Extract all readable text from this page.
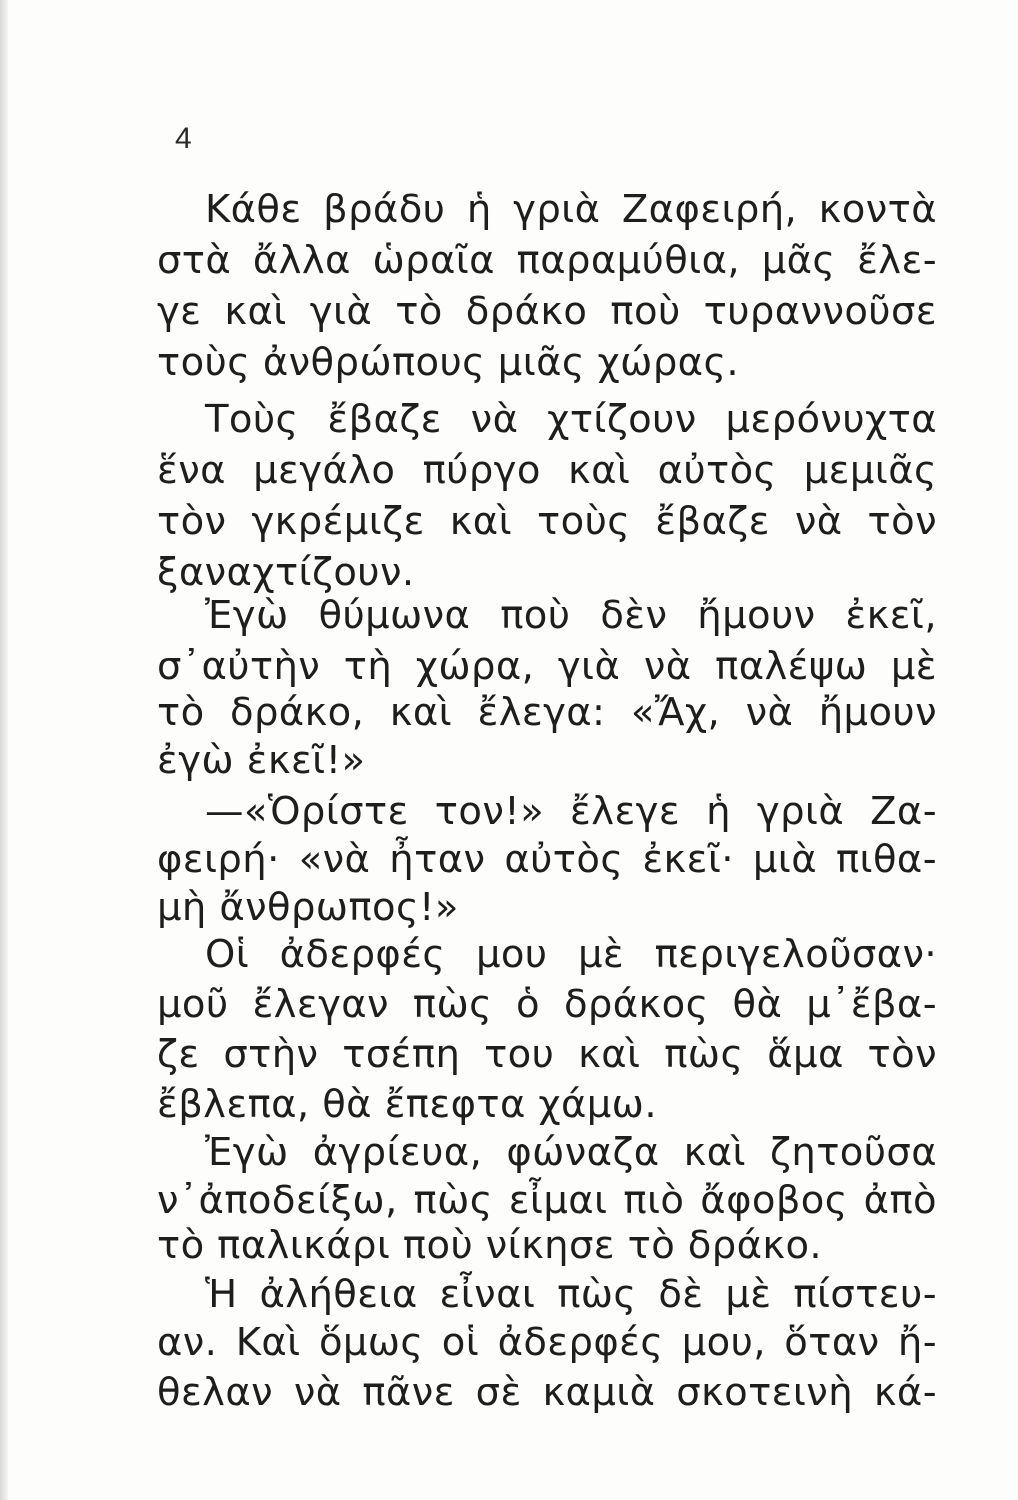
4
Κάθε βράδυ ἡ γριὰ Ζαφειρή, κοντὰ
στὰ ἄλλα ὡραῖα παραμύθια, μᾶς ἔλε-
γε καὶ γιὰ τὸ δράκο ποὺ τυραννοῦσε
τοὺς ἀνθρώπους μιᾶς χώρας.
Τοὺς ἔβαζε νὰ χτίζουν μερόνυχτα
ἕνα μεγάλο πύργο καὶ αὐτὸς μεμιᾶς
τὸν γκρέμιζε καὶ τοὺς ἔβαζε νὰ τὸν
ξαναχτίζουν.
Ἐγὼ θύμωνα ποὺ δὲν ἤμουν ἐκεῖ,
σ᾽αὐτὴν τὴ χώρα, γιὰ νὰ παλέψω μὲ
τὸ δράκο, καὶ ἔλεγα: «Ἄχ, νὰ ἤμουν
ἐγὼ ἐκεῖ!»
—«Ὁρίστε τον!» ἔλεγε ἡ γριὰ Ζα-
φειρή· «νὰ ἦταν αὐτὸς ἐκεῖ· μιὰ πιθα-
μὴ ἄνθρωπος!»
Οἱ ἀδερφές μου μὲ περιγελοῦσαν·
μοῦ ἔλεγαν πὼς ὁ δράκος θὰ μ᾽ἔβα-
ζε στὴν τσέπη του καὶ πὼς ἅμα τὸν
ἔβλεπα, θὰ ἔπεφτα χάμω.
Ἐγὼ ἀγρίευα, φώναζα καὶ ζητοῦσα
ν᾽ἀποδείξω, πὼς εἶμαι πιὸ ἄφοβος ἀπὸ
τὸ παλικάρι ποὺ νίκησε τὸ δράκο.
Ἡ ἀλήθεια εἶναι πὼς δὲ μὲ πίστευ-
αν. Καὶ ὅμως οἱ ἀδερφές μου, ὅταν ἤ-
θελαν νὰ πᾶνε σὲ καμιὰ σκοτεινὴ κά-
